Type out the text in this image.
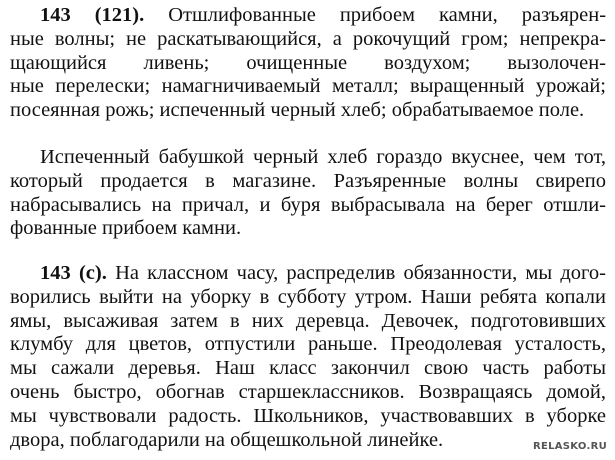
143 (121). Отшлифованные прибоем камни, разъярен-
ные волны; не раскатывающийся, а рокочущий гром; непрекра-
щающийся ливень; очищенные воздухом; вызолочен-
ные перелески; намагничиваемый металл; выращенный урожай;
посеянная рожь; испеченный черный хлеб; обрабатываемое поле.
Испеченный бабушкой черный хлеб гораздо вкуснее, чем тот,
который продается в магазине. Разъяренные волны свирепо
набрасывались на причал, и буря выбрасывала на берег отшли-
фованные прибоем камни.
143 (с). На классном часу, распределив обязанности, мы дого-
ворились выйти на уборку в субботу утром. Наши ребята копали
ямы, высаживая затем в них деревца. Девочек, подготовивших
клумбу для цветов, отпустили раньше. Преодолевая усталость,
мы сажали деревья. Наш класс закончил свою часть работы
очень быстро, обогнав старшеклассников. Возвращаясь домой,
мы чувствовали радость. Школьников, участвовавших в уборке
двора, поблагодарили на общешкольной линейке.	RELASKO.RU
